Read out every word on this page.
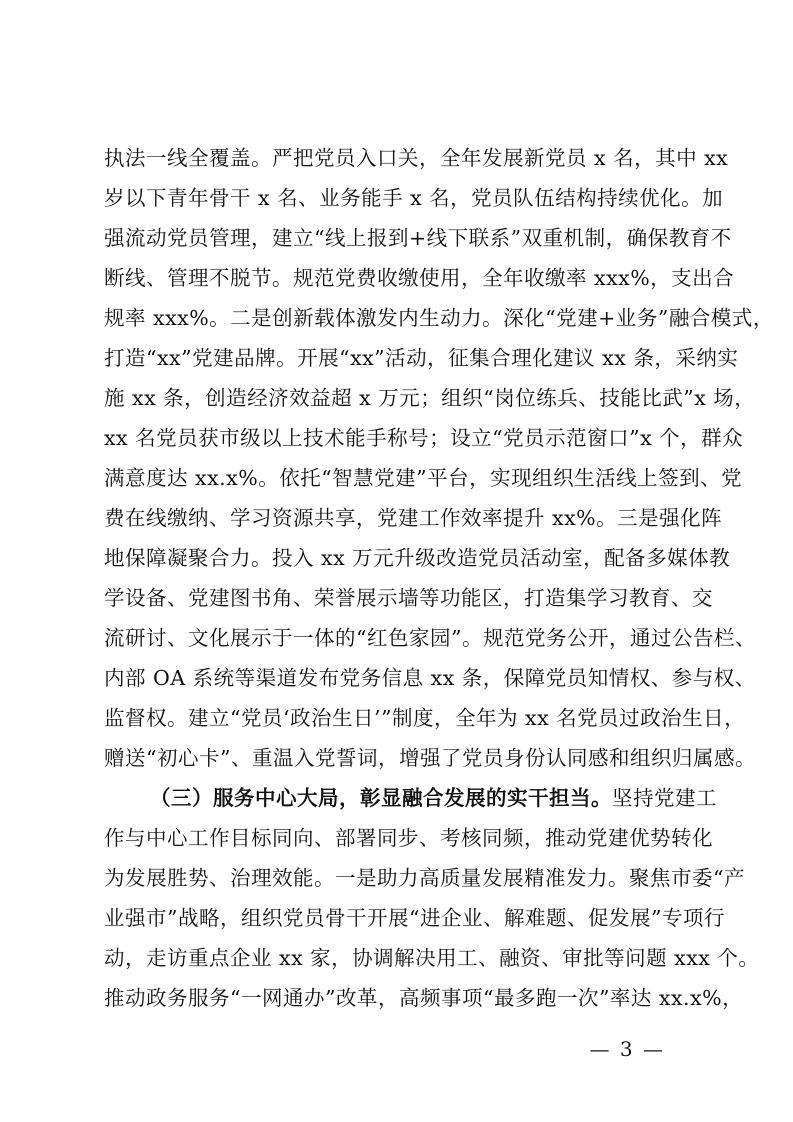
执法一线全覆盖。严把党员入口关，全年发展新党员 x 名，其中 xx
岁以下青年骨干 x 名、业务能手 x 名，党员队伍结构持续优化。加
强流动党员管理，建立“线上报到+线下联系”双重机制，确保教育不
断线、管理不脱节。规范党费收缴使用，全年收缴率 xxx%，支出合
规率 xxx%。二是创新载体激发内生动力。深化“党建+业务”融合模式，
打造“xx”党建品牌。开展“xx”活动，征集合理化建议 xx 条，采纳实
施 xx 条，创造经济效益超 x 万元；组织“岗位练兵、技能比武”x 场，
xx 名党员获市级以上技术能手称号；设立“党员示范窗口”x 个，群众
满意度达 xx.x%。依托“智慧党建”平台，实现组织生活线上签到、党
费在线缴纳、学习资源共享，党建工作效率提升 xx%。三是强化阵
地保障凝聚合力。投入 xx 万元升级改造党员活动室，配备多媒体教
学设备、党建图书角、荣誉展示墙等功能区，打造集学习教育、交
流研讨、文化展示于一体的“红色家园”。规范党务公开，通过公告栏、
内部 OA 系统等渠道发布党务信息 xx 条，保障党员知情权、参与权、
监督权。建立“党员‘政治生日’”制度，全年为 xx 名党员过政治生日，
赠送“初心卡”、重温入党誓词，增强了党员身份认同感和组织归属感。
（三）服务中心大局，彰显融合发展的实干担当。坚持党建工
作与中心工作目标同向、部署同步、考核同频，推动党建优势转化
为发展胜势、治理效能。一是助力高质量发展精准发力。聚焦市委“产
业强市”战略，组织党员骨干开展“进企业、解难题、促发展”专项行
动，走访重点企业 xx 家，协调解决用工、融资、审批等问题 xxx 个。
推动政务服务“一网通办”改革，高频事项“最多跑一次”率达 xx.x%，
— 3 —
